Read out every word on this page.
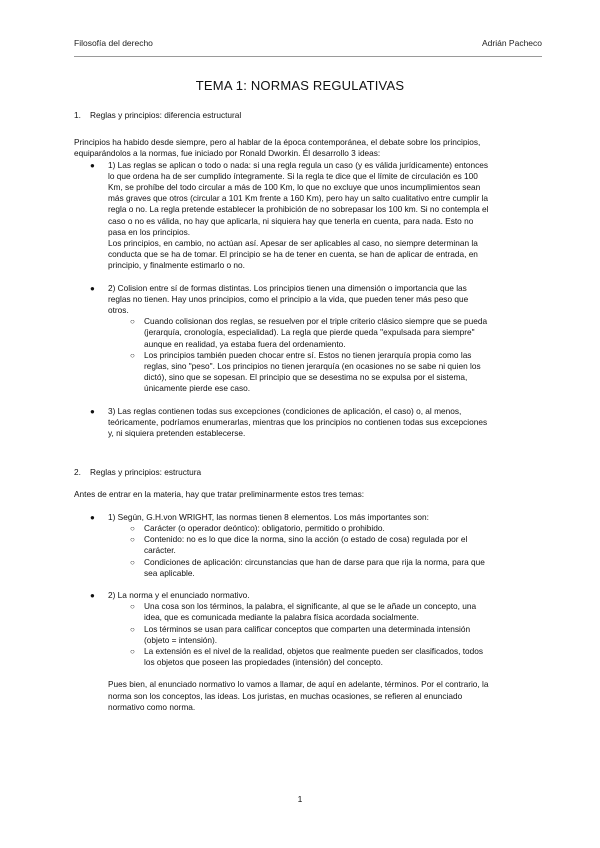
Filosofía del derecho	Adrián Pacheco
TEMA 1: NORMAS REGULATIVAS

1. Reglas y principios: diferencia estructural

Principios ha habido desde siempre, pero al hablar de la época contemporánea, el debate sobre los principios,
equiparándolos a la normas, fue iniciado por Ronald Dworkin. Él desarrollo 3 ideas:

● 1) Las reglas se aplican o todo o nada: si una regla regula un caso (y es válida jurídicamente) entonces
lo que ordena ha de ser cumplido íntegramente. Si la regla te dice que el límite de circulación es 100
Km, se prohíbe del todo circular a más de 100 Km, lo que no excluye que unos incumplimientos sean
más graves que otros (circular a 101 Km frente a 160 Km), pero hay un salto cualitativo entre cumplir la
regla o no. La regla pretende establecer la prohibición de no sobrepasar los 100 km. Si no contempla el
caso o no es válida, no hay que aplicarla, ni siquiera hay que tenerla en cuenta, para nada. Esto no
pasa en los principios.
Los principios, en cambio, no actúan así. Apesar de ser aplicables al caso, no siempre determinan la
conducta que se ha de tomar. El principio se ha de tener en cuenta, se han de aplicar de entrada, en
principio, y finalmente estimarlo o no.
● 2) Colision entre sí de formas distintas. Los principios tienen una dimensión o importancia que las
reglas no tienen. Hay unos principios, como el principio a la vida, que pueden tener más peso que
otros.
○ Cuando colisionan dos reglas, se resuelven por el triple criterio clásico siempre que se pueda
(jerarquía, cronología, especialidad). La regla que pierde queda "expulsada para siempre"
aunque en realidad, ya estaba fuera del ordenamiento.
○ Los principios también pueden chocar entre sí. Estos no tienen jerarquía propia como las
reglas, sino "peso". Los principios no tienen jerarquía (en ocasiones no se sabe ni quien los
dictó), sino que se sopesan. El principio que se desestima no se expulsa por el sistema,
únicamente pierde ese caso.
● 3) Las reglas contienen todas sus excepciones (condiciones de aplicación, el caso) o, al menos,
teóricamente, podríamos enumerarlas, mientras que los principios no contienen todas sus excepciones
y, ni siquiera pretenden establecerse.

2. Reglas y principios: estructura

Antes de entrar en la materia, hay que tratar preliminarmente estos tres temas:

● 1) Según, G.H.von WRIGHT, las normas tienen 8 elementos. Los más importantes son:
○ Carácter (o operador deóntico): obligatorio, permitido o prohibido.
○ Contenido: no es lo que dice la norma, sino la acción (o estado de cosa) regulada por el
carácter.
○ Condiciones de aplicación: circunstancias que han de darse para que rija la norma, para que
sea aplicable.
● 2) La norma y el enunciado normativo.
○ Una cosa son los términos, la palabra, el significante, al que se le añade un concepto, una
idea, que es comunicada mediante la palabra física acordada socialmente.
○ Los términos se usan para calificar conceptos que comparten una determinada intensión
(objeto = intensión).
○ La extensión es el nivel de la realidad, objetos que realmente pueden ser clasificados, todos
los objetos que poseen las propiedades (intensión) del concepto.

Pues bien, al enunciado normativo lo vamos a llamar, de aquí en adelante, términos. Por el contrario, la
norma son los conceptos, las ideas. Los juristas, en muchas ocasiones, se refieren al enunciado
normativo como norma.

1
